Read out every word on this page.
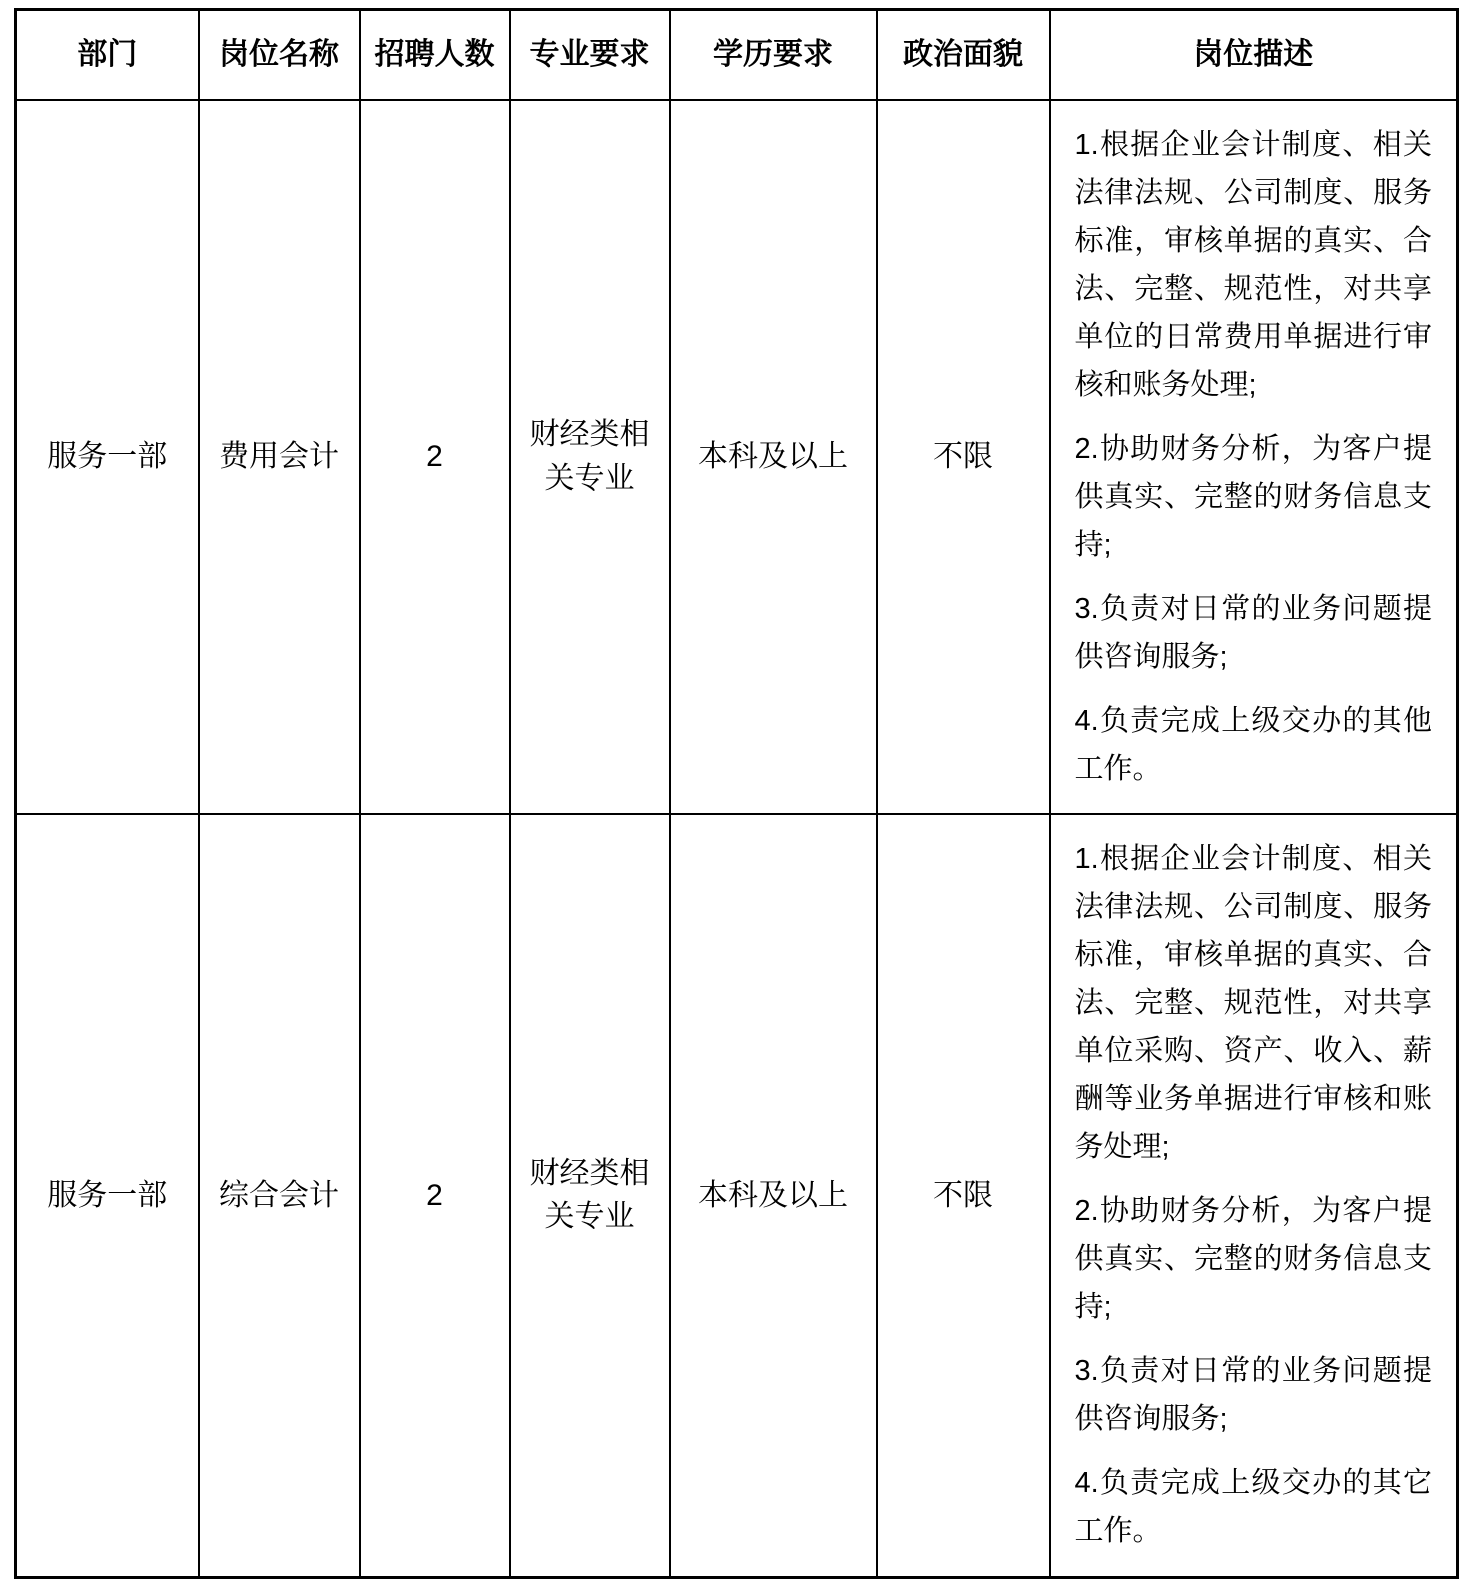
部门	岗位名称	招聘人数	专业要求	学历要求	政治面貌	岗位描述
服务一部	费用会计	2	财经类相关专业	本科及以上	不限	1.根据企业会计制度、相关法律法规、公司制度、服务标准，审核单据的真实、合法、完整、规范性，对共享单位的日常费用单据进行审核和账务处理;

2.协助财务分析，为客户提供真实、完整的财务信息支持;

3.负责对日常的业务问题提供咨询服务;

4.负责完成上级交办的其他工作。

服务一部	综合会计	2	财经类相关专业	本科及以上	不限	1.根据企业会计制度、相关法律法规、公司制度、服务标准，审核单据的真实、合法、完整、规范性，对共享单位采购、资产、收入、薪酬等业务单据进行审核和账务处理;

2.协助财务分析，为客户提供真实、完整的财务信息支持;

3.负责对日常的业务问题提供咨询服务;

4.负责完成上级交办的其它工作。
